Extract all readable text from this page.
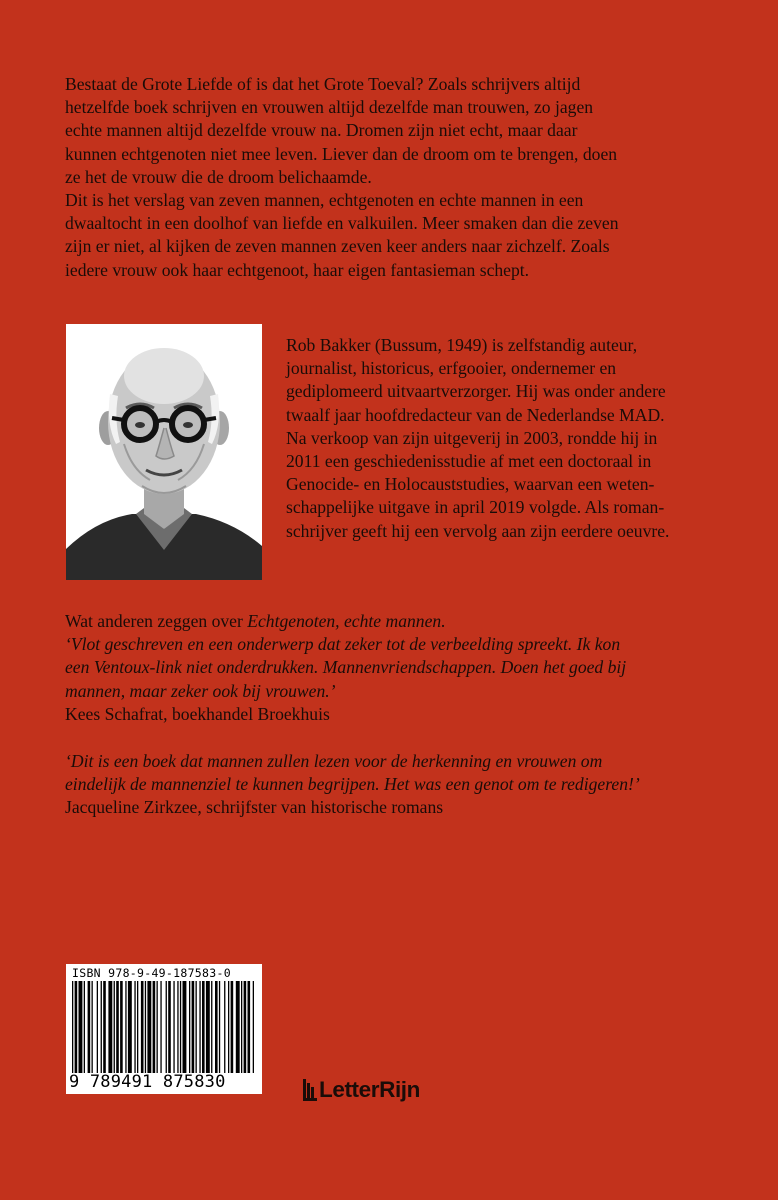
Bestaat de Grote Liefde of is dat het Grote Toeval? Zoals schrijvers altijd

hetzelfde boek schrijven en vrouwen altijd dezelfde man trouwen, zo jagen

echte mannen altijd dezelfde vrouw na. Dromen zijn niet echt, maar daar

kunnen echtgenoten niet mee leven. Liever dan de droom om te brengen, doen

ze het de vrouw die de droom belichaamde.

Dit is het verslag van zeven mannen, echtgenoten en echte mannen in een

dwaaltocht in een doolhof van liefde en valkuilen. Meer smaken dan die zeven

zijn er niet, al kijken de zeven mannen zeven keer anders naar zichzelf. Zoals

iedere vrouw ook haar echtgenoot, haar eigen fantasieman schept.

Rob Bakker (Bussum, 1949) is zelfstandig auteur,

journalist, historicus, erfgooier, ondernemer en

gediplomeerd uitvaartverzorger. Hij was onder andere

twaalf jaar hoofdredacteur van de Nederlandse MAD.

Na verkoop van zijn uitgeverij in 2003, rondde hij in

2011 een geschiedenisstudie af met een doctoraal in

Genocide- en Holocauststudies, waarvan een weten-

schappelijke uitgave in april 2019 volgde. Als roman-

schrijver geeft hij een vervolg aan zijn eerdere oeuvre.

Wat anderen zeggen over Echtgenoten, echte mannen.

‘Vlot geschreven en een onderwerp dat zeker tot de verbeelding spreekt. Ik kon

een Ventoux-link niet onderdrukken. Mannenvriendschappen. Doen het goed bij

mannen, maar zeker ook bij vrouwen.’

Kees Schafrat, boekhandel Broekhuis

‘Dit is een boek dat mannen zullen lezen voor de herkenning en vrouwen om

eindelijk de mannenziel te kunnen begrijpen. Het was een genot om te redigeren!’

Jacqueline Zirkzee, schrijfster van historische romans

ISBN 978-9-49-187583-0
9 789491 875830	LetterRijn
